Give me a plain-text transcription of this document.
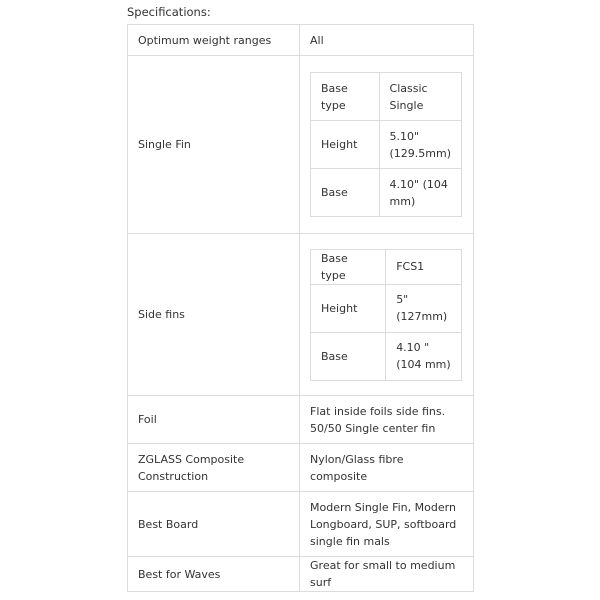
Specifications:
Optimum weight ranges	All
Single Fin	
Base type	Classic Single
Height	5.10" (129.5mm)
Base	4.10" (104 mm)

Side fins	
Base type	FCS1
Height	5" (127mm)
Base	4.10 " (104 mm)

Foil	Flat inside foils side fins. 50/50 Single center fin
ZGLASS Composite Construction	Nylon/Glass fibre composite
Best Board	Modern Single Fin, Modern Longboard, SUP, softboard single fin mals
Best for Waves	Great for small to medium surf
